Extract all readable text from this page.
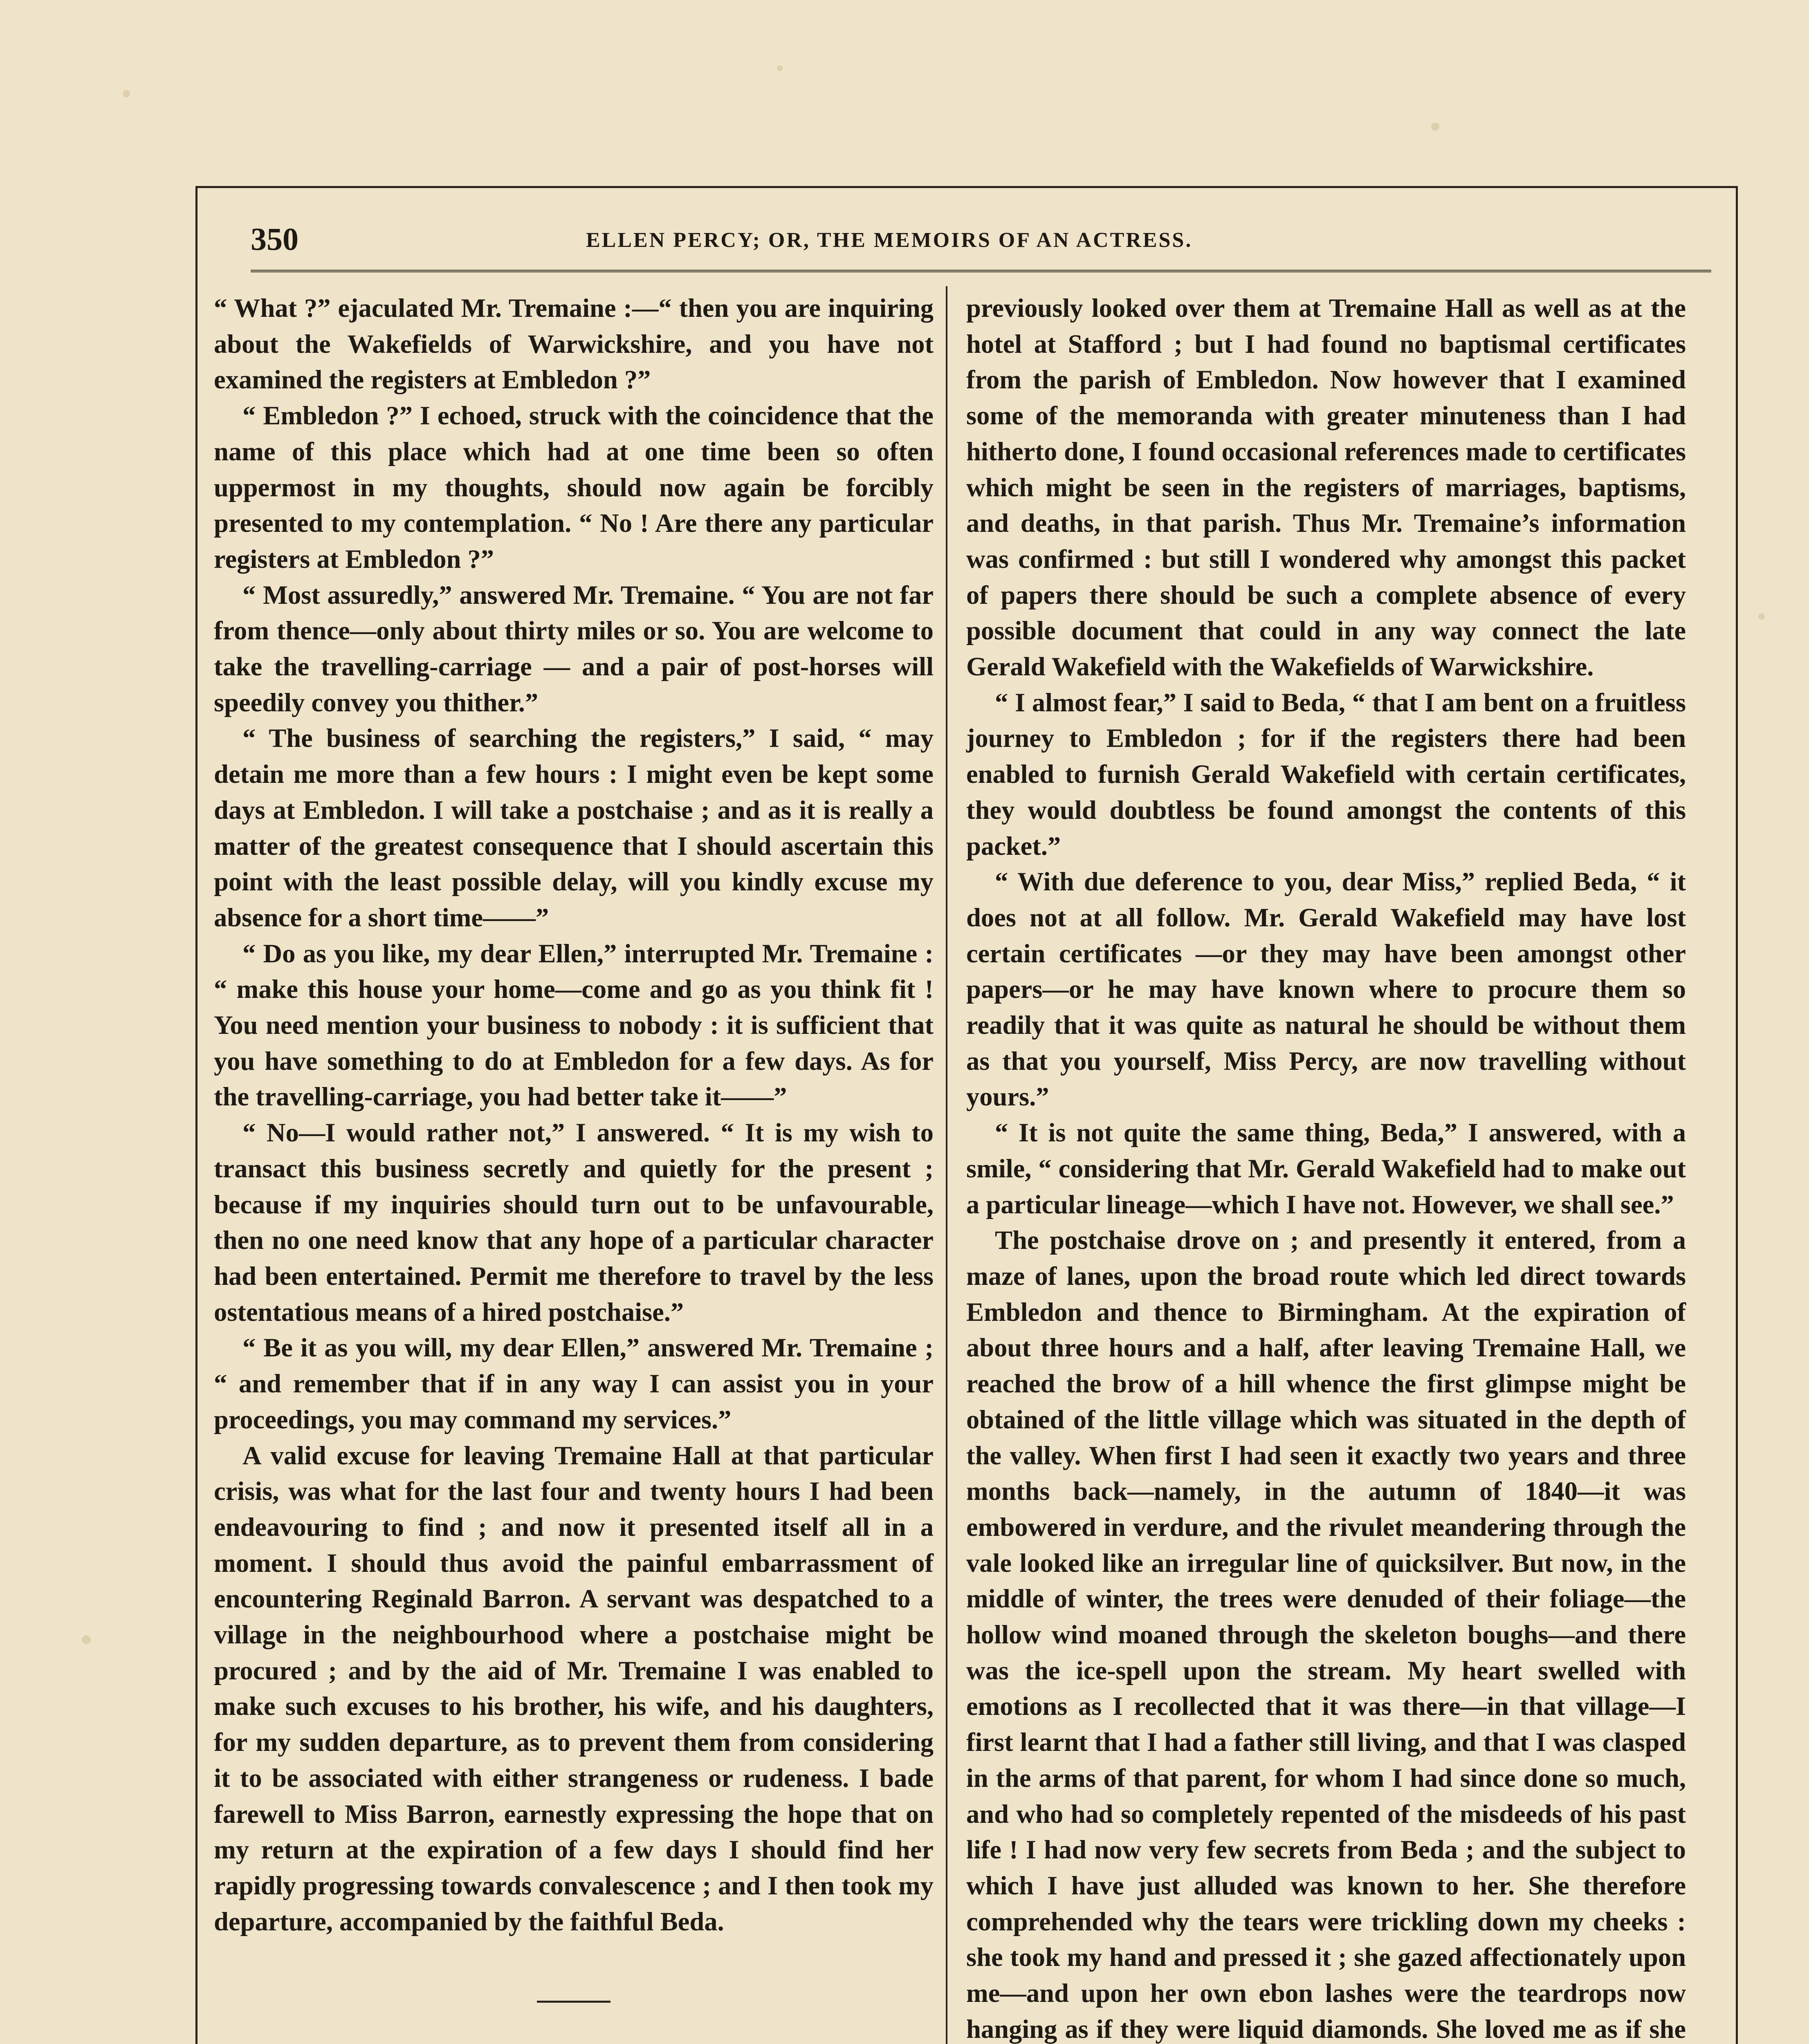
350	ELLEN PERCY; OR, THE MEMOIRS OF AN ACTRESS.

“ What ?” ejaculated Mr. Tremaine :—“ then you are inquiring about the Wakefields of Warwickshire, and you have not examined the registers at Embledon ?”

“ Embledon ?” I echoed, struck with the coincidence that the name of this place which had at one time been so often uppermost in my thoughts, should now again be forcibly presented to my contemplation. “ No ! Are there any particular registers at Embledon ?”

“ Most assuredly,” answered Mr. Tremaine. “ You are not far from thence—only about thirty miles or so. You are welcome to take the travelling-carriage — and a pair of post-horses will speedily convey you thither.”

“ The business of searching the registers,” I said, “ may detain me more than a few hours : I might even be kept some days at Embledon. I will take a postchaise ; and as it is really a matter of the greatest consequence that I should ascertain this point with the least possible delay, will you kindly excuse my absence for a short time——”

“ Do as you like, my dear Ellen,” interrupted Mr. Tremaine : “ make this house your home—come and go as you think fit ! You need mention your business to nobody : it is sufficient that you have something to do at Embledon for a few days. As for the travelling-carriage, you had better take it——”

“ No—I would rather not,” I answered. “ It is my wish to transact this business secretly and quietly for the present ; because if my inquiries should turn out to be unfavourable, then no one need know that any hope of a particular character had been entertained. Permit me therefore to travel by the less ostentatious means of a hired postchaise.”

“ Be it as you will, my dear Ellen,” answered Mr. Tremaine ; “ and remember that if in any way I can assist you in your proceedings, you may command my services.”

A valid excuse for leaving Tremaine Hall at that particular crisis, was what for the last four and twenty hours I had been endeavouring to find ; and now it presented itself all in a moment. I should thus avoid the painful embarrassment of encountering Reginald Barron. A servant was despatched to a village in the neighbourhood where a postchaise might be procured ; and by the aid of Mr. Tremaine I was enabled to make such excuses to his brother, his wife, and his daughters, for my sudden departure, as to prevent them from considering it to be associated with either strangeness or rudeness. I bade farewell to Miss Barron, earnestly expressing the hope that on my return at the expiration of a few days I should find her rapidly progressing towards convalescence ; and I then took my departure, accompanied by the faithful Beda.

previously looked over them at Tremaine Hall as well as at the hotel at Stafford ; but I had found no baptismal certificates from the parish of Embledon. Now however that I examined some of the memoranda with greater minuteness than I had hitherto done, I found occasional references made to certificates which might be seen in the registers of marriages, baptisms, and deaths, in that parish. Thus Mr. Tremaine’s information was confirmed : but still I wondered why amongst this packet of papers there should be such a complete absence of every possible document that could in any way connect the late Gerald Wakefield with the Wakefields of Warwickshire.

“ I almost fear,” I said to Beda, “ that I am bent on a fruitless journey to Embledon ; for if the registers there had been enabled to furnish Gerald Wakefield with certain certificates, they would doubtless be found amongst the contents of this packet.”

“ With due deference to you, dear Miss,” replied Beda, “ it does not at all follow. Mr. Gerald Wakefield may have lost certain certificates —or they may have been amongst other papers—or he may have known where to procure them so readily that it was quite as natural he should be without them as that you yourself, Miss Percy, are now travelling without yours.”

“ It is not quite the same thing, Beda,” I answered, with a smile, “ considering that Mr. Gerald Wakefield had to make out a particular lineage—which I have not. However, we shall see.”

The postchaise drove on ; and presently it entered, from a maze of lanes, upon the broad route which led direct towards Embledon and thence to Birmingham. At the expiration of about three hours and a half, after leaving Tremaine Hall, we reached the brow of a hill whence the first glimpse might be obtained of the little village which was situated in the depth of the valley. When first I had seen it exactly two years and three months back—namely, in the autumn of 1840—it was embowered in verdure, and the rivulet meandering through the vale looked like an irregular line of quicksilver. But now, in the middle of winter, the trees were denuded of their foliage—the hollow wind moaned through the skeleton boughs—and there was the ice-spell upon the stream. My heart swelled with emotions as I recollected that it was there—in that village—I first learnt that I had a father still living, and that I was clasped in the arms of that parent, for whom I had since done so much, and who had so completely repented of the misdeeds of his past life ! I had now very few secrets from Beda ; and the subject to which I have just alluded was known to her. She therefore comprehended why the tears were trickling down my cheeks : she took my hand and pressed it ; she gazed affectionately upon me—and upon her own ebon lashes were the teardrops now hanging as if they were liquid diamonds. She loved me as if she
